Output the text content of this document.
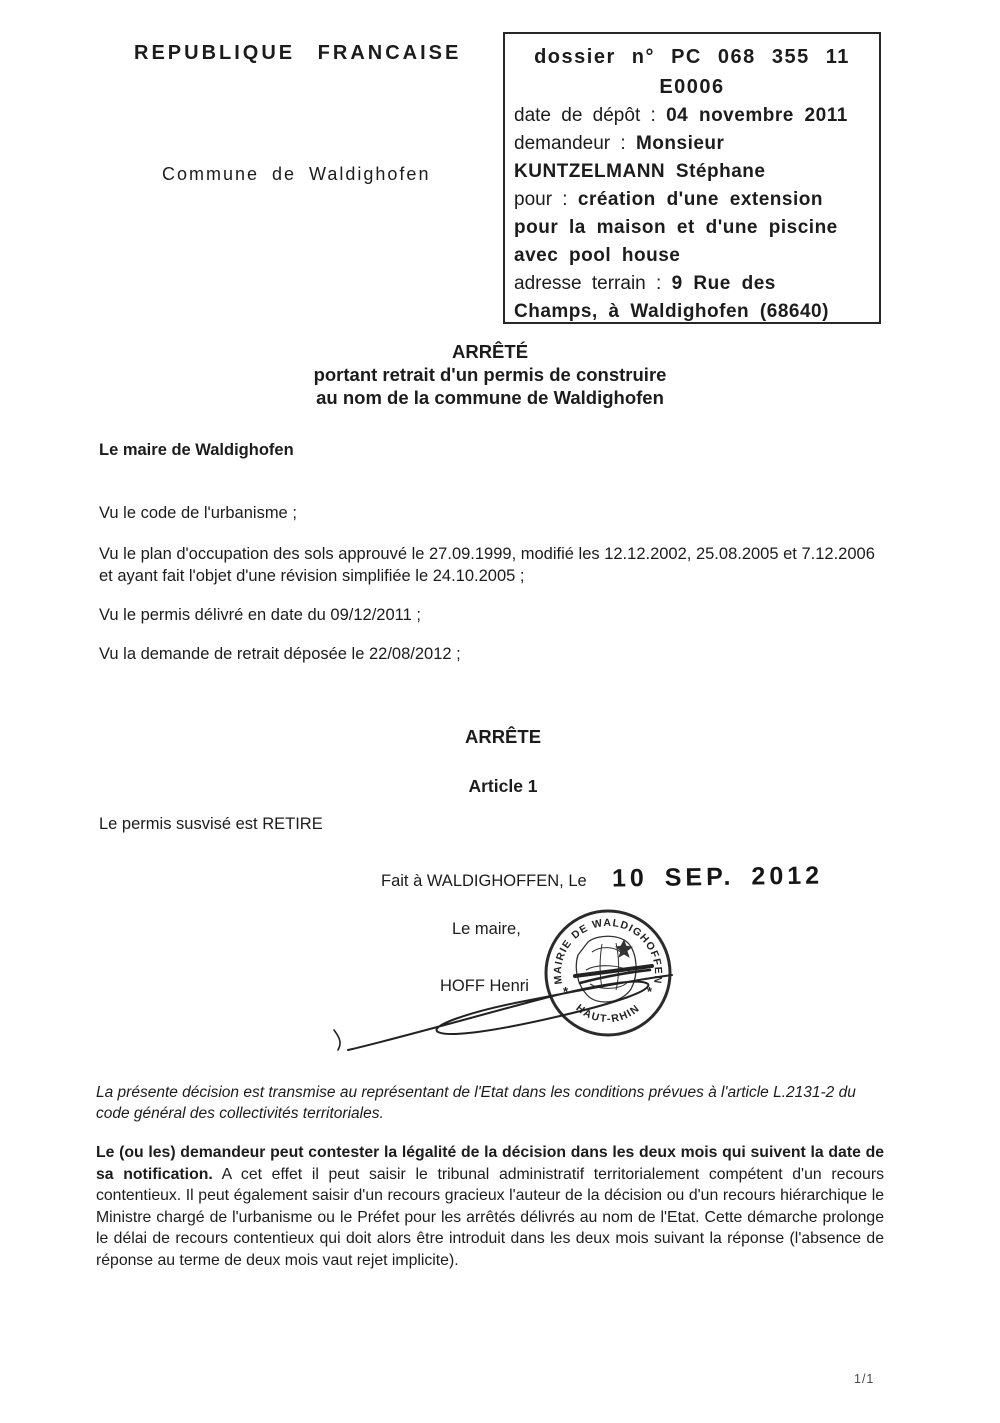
REPUBLIQUE FRANCAISE
Commune de Waldighofen
dossier n° PC 068 355 11
E0006

date de dépôt : 04 novembre 2011

demandeur : Monsieur KUNTZELMANN Stéphane

pour : création d'une extension pour la maison et d'une piscine avec pool house

adresse terrain : 9 Rue des Champs, à Waldighofen (68640)

ARRÊTÉ
portant retrait d'un permis de construire
au nom de la commune de Waldighofen
Le maire de Waldighofen
Vu le code de l'urbanisme ;
Vu le plan d'occupation des sols approuvé le 27.09.1999, modifié les 12.12.2002, 25.08.2005 et 7.12.2006 et ayant fait l'objet d'une révision simplifiée le 24.10.2005 ;
Vu le permis délivré en date du 09/12/2011 ;
Vu la demande de retrait déposée le 22/08/2012 ;
ARRÊTE
Article 1
Le permis susvisé est RETIRE
Fait à WALDIGHOFFEN, Le 10 SEP. 2012
Le maire,
HOFF Henri MAIRIE DE WALDIGHOFFEN
HAUT-RHIN
*	*
La présente décision est transmise au représentant de l'Etat dans les conditions prévues à l'article L.2131-2 du code général des collectivités territoriales.
Le (ou les) demandeur peut contester la légalité de la décision dans les deux mois qui suivent la date de sa notification. A cet effet il peut saisir le tribunal administratif territorialement compétent d'un recours contentieux. Il peut également saisir d'un recours gracieux l'auteur de la décision ou d'un recours hiérarchique le Ministre chargé de l'urbanisme ou le Préfet pour les arrêtés délivrés au nom de l'Etat. Cette démarche prolonge le délai de recours contentieux qui doit alors être introduit dans les deux mois suivant la réponse (l'absence de réponse au terme de deux mois vaut rejet implicite).
1/1
